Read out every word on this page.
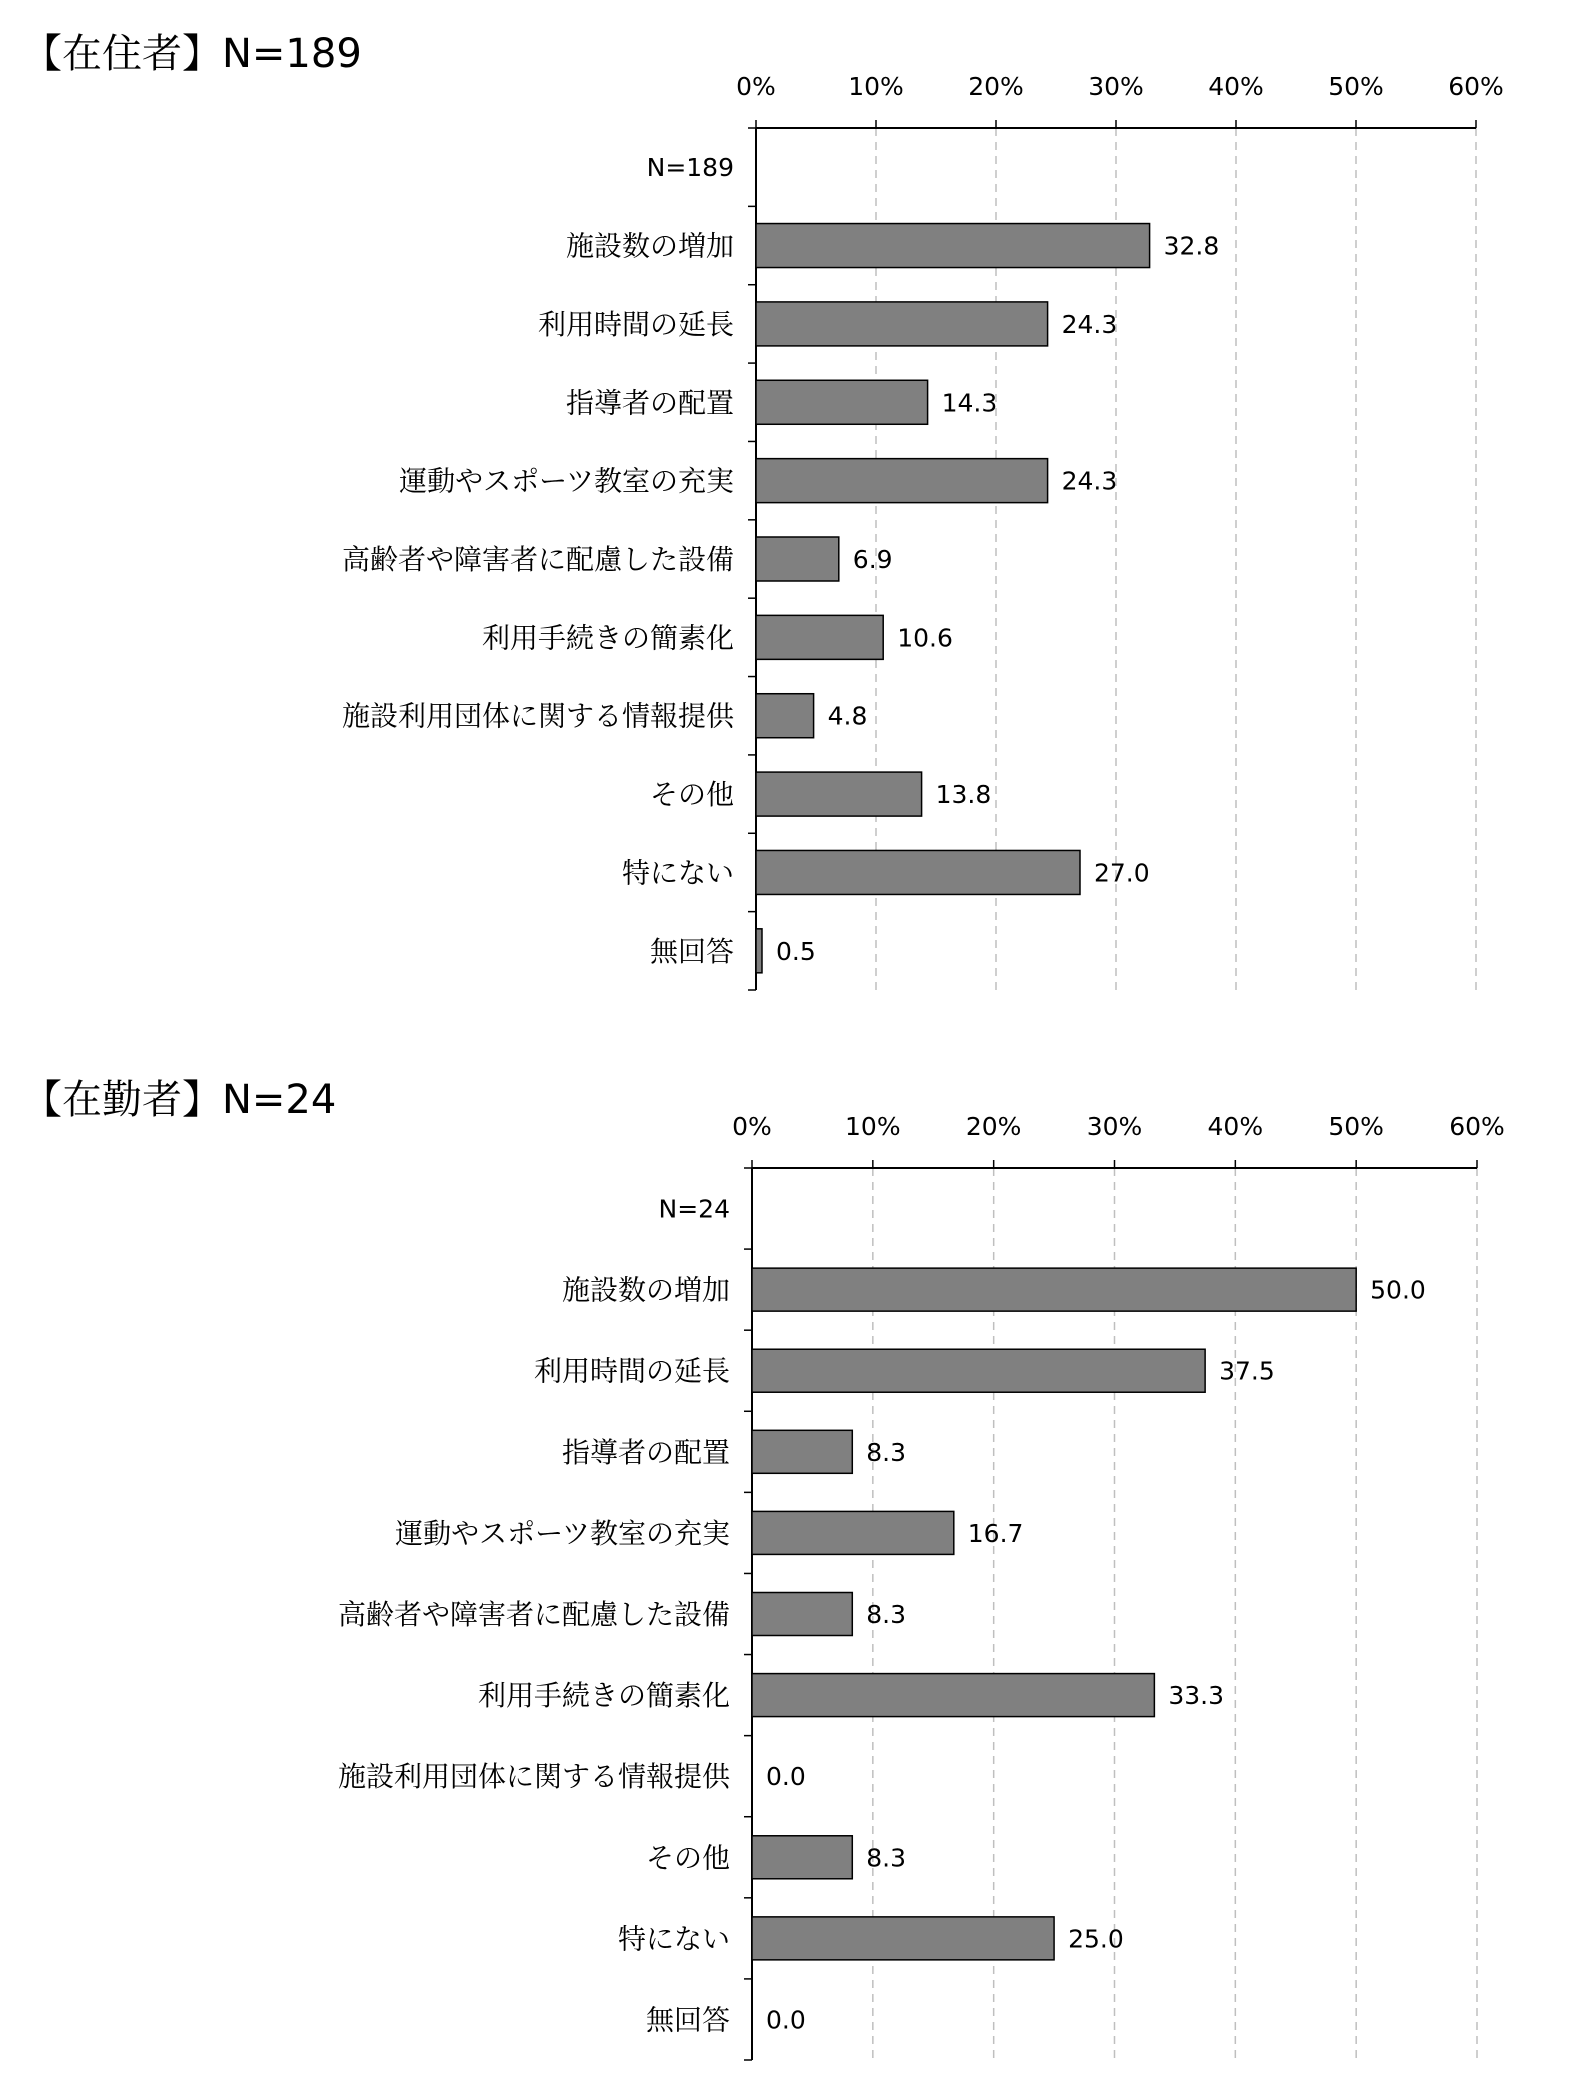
【在住者】N=189
0%	10%	20%	30%	40%	50%	60%
N=189
施設数の増加	32.8
利用時間の延長	24.3
指導者の配置	14.3
運動やスポーツ教室の充実	24.3
高齢者や障害者に配慮した設備	6.9
利用手続きの簡素化	10.6
施設利用団体に関する情報提供	4.8
その他	13.8
特にない	27.0
無回答 0.5
【在勤者】N=24
0%	10%	20%	30%	40%	50%	60%
N=24
施設数の増加	50.0
利用時間の延長	37.5
指導者の配置	8.3
運動やスポーツ教室の充実	16.7
高齢者や障害者に配慮した設備	8.3
利用手続きの簡素化	33.3
施設利用団体に関する情報提供 0.0
その他	8.3
特にない	25.0
無回答 0.0
